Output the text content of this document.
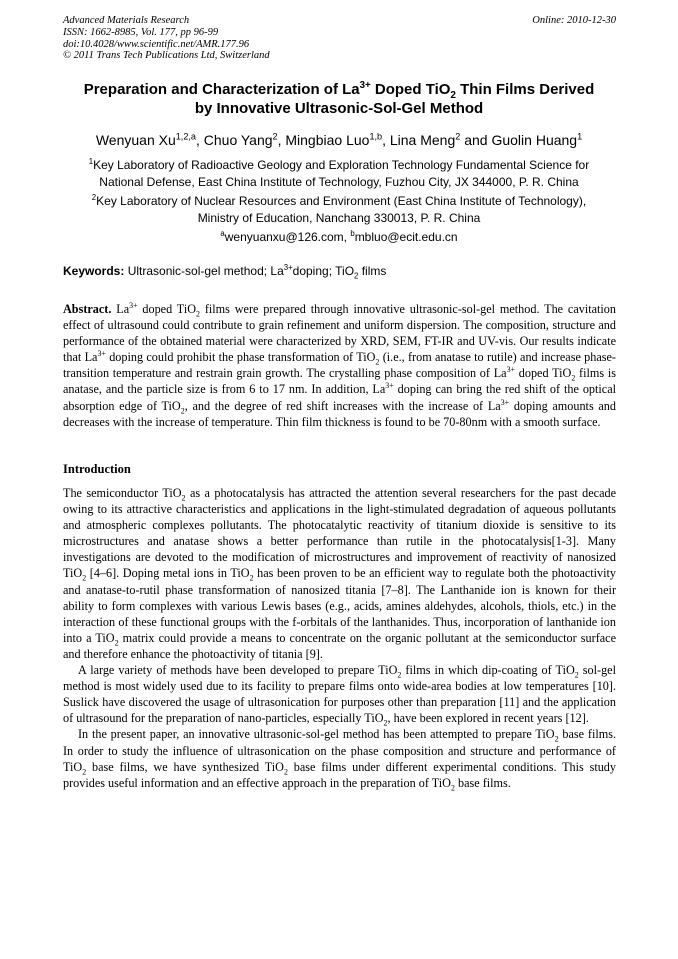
Advanced Materials Research
ISSN: 1662-8985, Vol. 177, pp 96-99
doi:10.4028/www.scientific.net/AMR.177.96
© 2011 Trans Tech Publications Ltd, Switzerland
Online: 2010-12-30
Preparation and Characterization of $La^{3+}$ Doped TiO$_2$ Thin Films Derived
by Innovative Ultrasonic-Sol-Gel Method
Wenyuan Xu$^{1,2,a}$, Chuo Yang$^2$, Mingbiao Luo$^{1,b}$, Lina Meng$^2$ and Guolin Huang$^1$
$^1$Key Laboratory of Radioactive Geology and Exploration Technology Fundamental Science for
National Defense, East China Institute of Technology, Fuzhou City, JX 344000, P. R. China
$^2$Key Laboratory of Nuclear Resources and Environment (East China Institute of Technology),
Ministry of Education, Nanchang 330013, P. R. China
$^a$wenyuanxu@126.com, $^b$mbluo@ecit.edu.cn
Keywords: Ultrasonic-sol-gel method; $La^{3+}doping$; TiO$_2$ films
Abstract. $La^{3+}$ doped TiO$_2$ films were prepared through innovative ultrasonic-sol-gel method. The cavitation effect of ultrasound could contribute to grain refinement and uniform dispersion. The composition, structure and performance of the obtained material were characterized by XRD, SEM, FT-IR and UV-vis. Our results indicate that $La^{3+}$ doping could prohibit the phase transformation of TiO$_2$ (i.e., from anatase to rutile) and increase phase-transition temperature and restrain grain growth. The crystalling phase composition of $La^{3+}$ doped TiO$_2$ films is anatase, and the particle size is from 6 to 17 nm. In addition, $La^{3+}$ doping can bring the red shift of the optical absorption edge of TiO$_2$, and the degree of red shift increases with the increase of $La^{3+}$ doping amounts and decreases with the increase of temperature. Thin film thickness is found to be 70-80nm with a smooth surface.
Introduction

The semiconductor TiO$_2$ as a photocatalysis has attracted the attention several researchers for the past decade owing to its attractive characteristics and applications in the light-stimulated degradation of aqueous pollutants and atmospheric complexes pollutants. The photocatalytic reactivity of titanium dioxide is sensitive to its microstructures and anatase shows a better performance than rutile in the photocatalysis[1-3]. Many investigations are devoted to the modification of microstructures and improvement of reactivity of nanosized TiO$_2$ [4–6]. Doping metal ions in TiO$_2$ has been proven to be an efficient way to regulate both the photoactivity and anatase-to-rutil phase transformation of nanosized titania [7–8]. The Lanthanide ion is known for their ability to form complexes with various Lewis bases (e.g., acids, amines aldehydes, alcohols, thiols, etc.) in the interaction of these functional groups with the f-orbitals of the lanthanides. Thus, incorporation of lanthanide ion into a TiO$_2$ matrix could provide a means to concentrate on the organic pollutant at the semiconductor surface and therefore enhance the photoactivity of titania [9].

A large variety of methods have been developed to prepare TiO$_2$ films in which dip-coating of TiO$_2$ sol-gel method is most widely used due to its facility to prepare films onto wide-area bodies at low temperatures [10]. Suslick have discovered the usage of ultrasonication for purposes other than preparation [11] and the application of ultrasound for the preparation of nano-particles, especially TiO$_2$, have been explored in recent years [12].

In the present paper, an innovative ultrasonic-sol-gel method has been attempted to prepare TiO$_2$ base films. In order to study the influence of ultrasonication on the phase composition and structure and performance of TiO$_2$ base films, we have synthesized TiO$_2$ base films under different experimental conditions. This study provides useful information and an effective approach in the preparation of TiO$_2$ base films.
